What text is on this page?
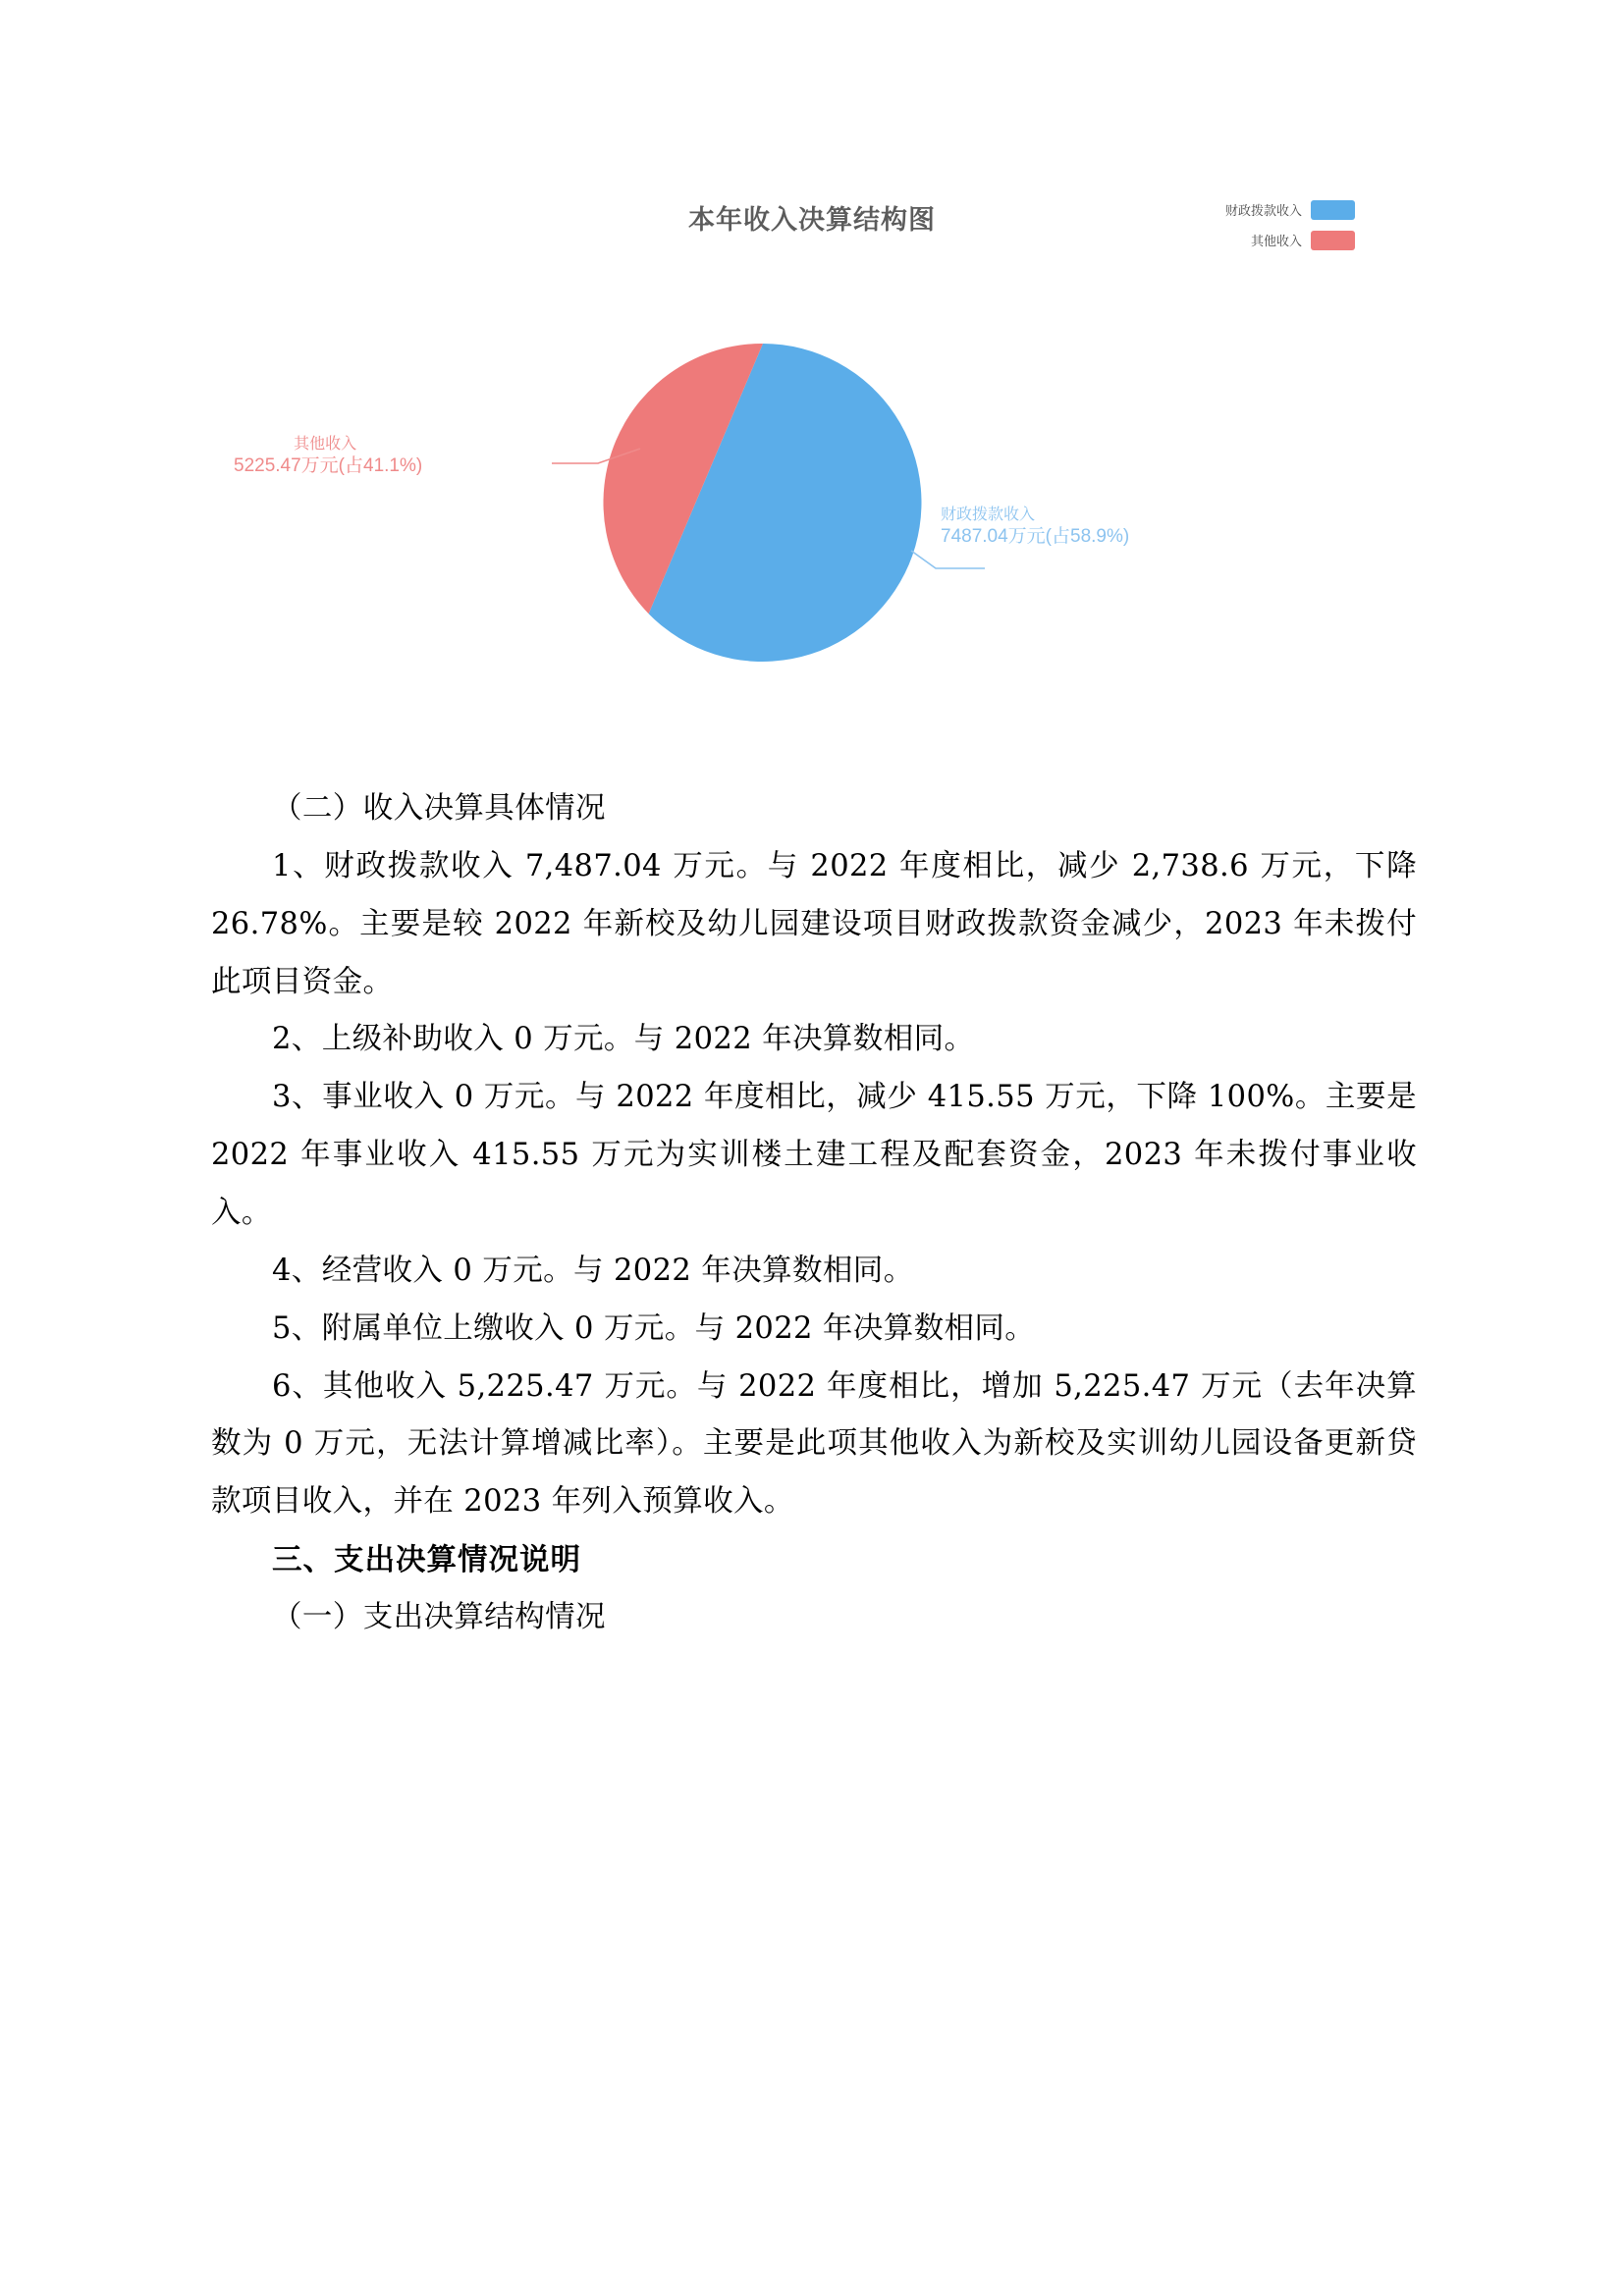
本年收入决算结构图	财政拨款收入
其他收入
其他收入
5225.47万元(占41.1%)
财政拨款收入
7487.04万元(占58.9%)

（二）收入决算具体情况

1、财政拨款收入 7,487.04 万元。与 2022 年度相比，减少 2,738.6 万元，下降 26.78%。主要是较 2022 年新校及幼儿园建设项目财政拨款资金减少，2023 年未拨付此项目资金。

2、上级补助收入 0 万元。与 2022 年决算数相同。

3、事业收入 0 万元。与 2022 年度相比，减少 415.55 万元，下降 100%。主要是 2022 年事业收入 415.55 万元为实训楼土建工程及配套资金，2023 年未拨付事业收入。

4、经营收入 0 万元。与 2022 年决算数相同。

5、附属单位上缴收入 0 万元。与 2022 年决算数相同。

6、其他收入 5,225.47 万元。与 2022 年度相比，增加 5,225.47 万元（去年决算数为 0 万元，无法计算增减比率）。主要是此项其他收入为新校及实训幼儿园设备更新贷款项目收入，并在 2023 年列入预算收入。

三、支出决算情况说明

（一）支出决算结构情况
